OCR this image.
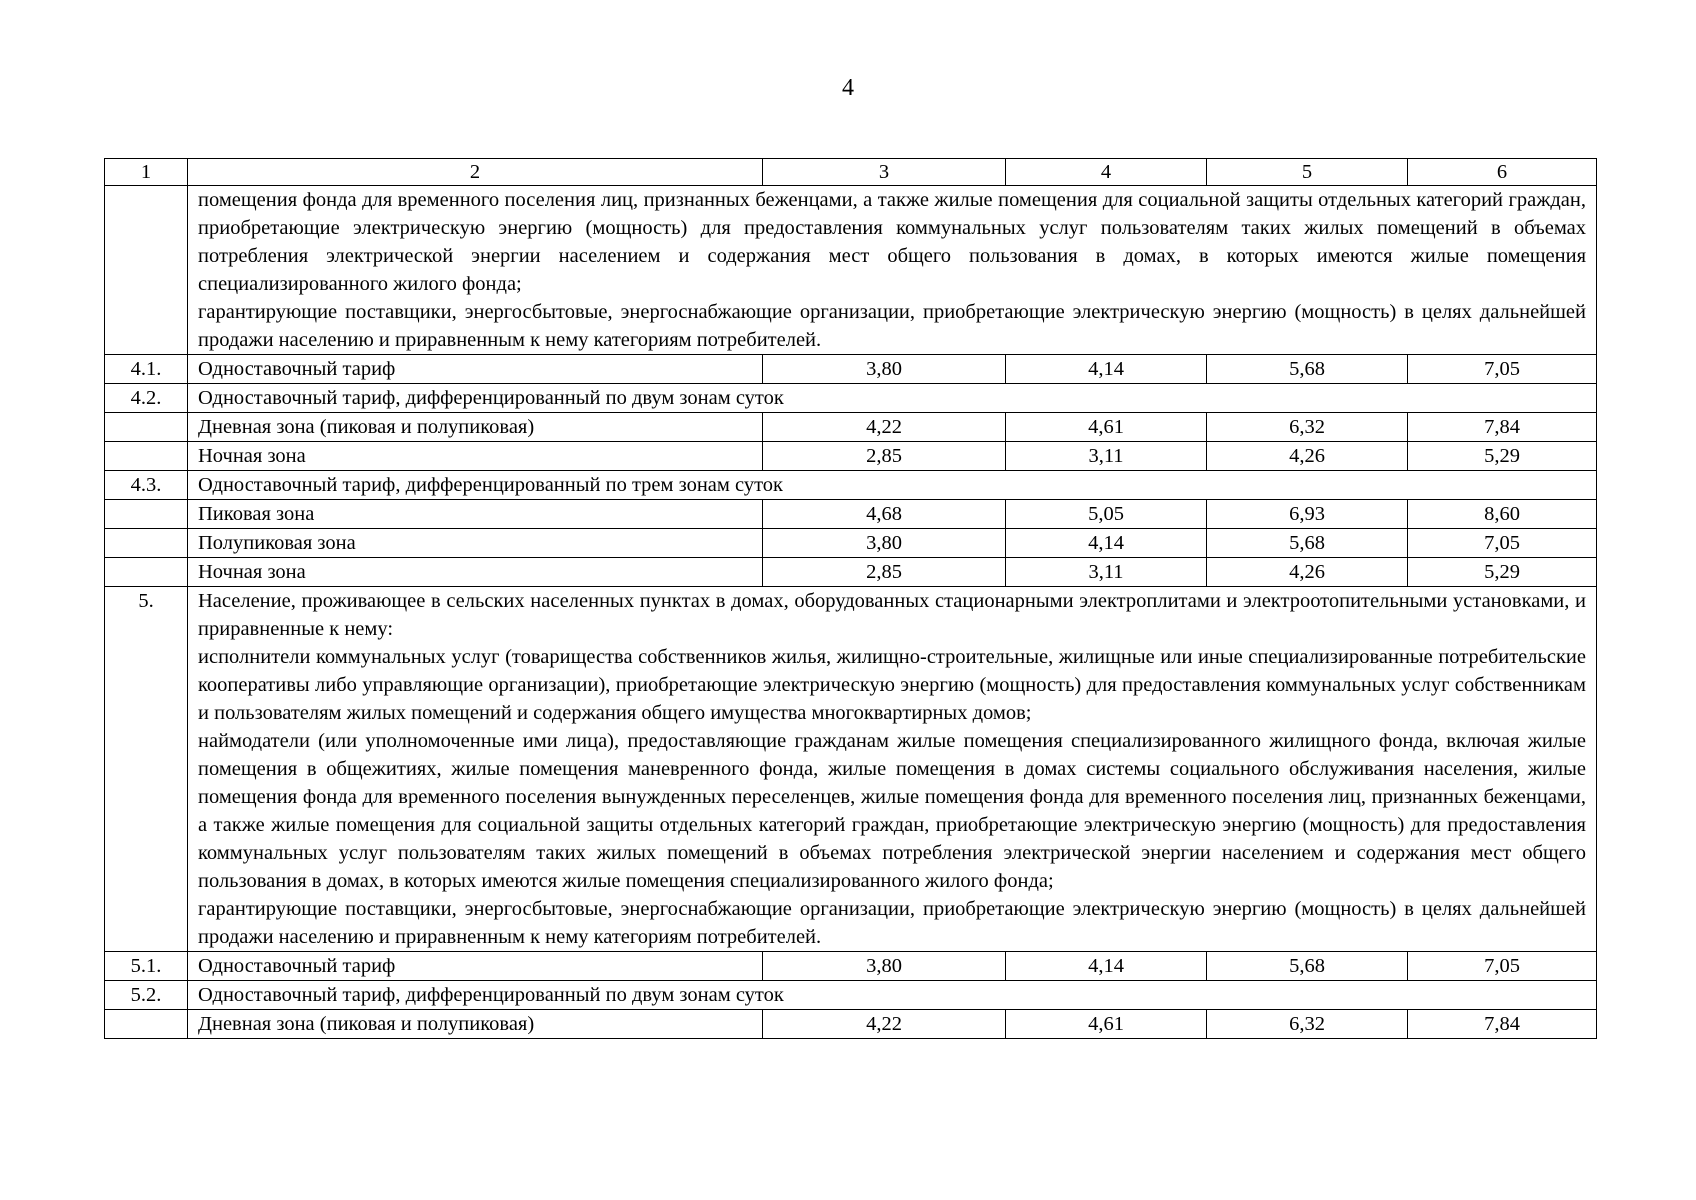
4
1	2	3	4	5	6

	помещения фонда для временного поселения лиц, признанных беженцами, а также жилые помещения для социальной защиты отдельных категорий граждан, приобретающие электрическую энергию (мощность) для предоставления коммунальных услуг пользователям таких жилых помещений в объемах потребления электрической энергии населением и содержания мест общего пользования в домах, в которых имеются жилые помещения специализированного жилого фонда;

гарантирующие поставщики, энергосбытовые, энергоснабжающие организации, приобретающие электрическую энергию (мощность) в целях дальнейшей продажи населению и приравненным к нему категориям потребителей.				

4.1.	Одноставочный тариф	3,80	4,14	5,68	7,05
4.2.	Одноставочный тариф, дифференцированный по двум зонам суток				
	Дневная зона (пиковая и полупиковая)	4,22	4,61	6,32	7,84
	Ночная зона	2,85	3,11	4,26	5,29
4.3.	Одноставочный тариф, дифференцированный по трем зонам суток				
	Пиковая зона	4,68	5,05	6,93	8,60
	Полупиковая зона	3,80	4,14	5,68	7,05
	Ночная зона	2,85	3,11	4,26	5,29
5.	Население, проживающее в сельских населенных пунктах в домах, оборудованных стационарными электроплитами и электроотопительными установками, и приравненные к нему:

исполнители коммунальных услуг (товарищества собственников жилья, жилищно-строительные, жилищные или иные специализированные потребительские кооперативы либо управляющие организации), приобретающие электрическую энергию (мощность) для предоставления коммунальных услуг собственникам и пользователям жилых помещений и содержания общего имущества многоквартирных домов;

наймодатели (или уполномоченные ими лица), предоставляющие гражданам жилые помещения специализированного жилищного фонда, включая жилые помещения в общежитиях, жилые помещения маневренного фонда, жилые помещения в домах системы социального обслуживания населения, жилые помещения фонда для временного поселения вынужденных переселенцев, жилые помещения фонда для временного поселения лиц, признанных беженцами, а также жилые помещения для социальной защиты отдельных категорий граждан, приобретающие электрическую энергию (мощность) для предоставления коммунальных услуг пользователям таких жилых помещений в объемах потребления электрической энергии населением и содержания мест общего пользования в домах, в которых имеются жилые помещения специализированного жилого фонда;

гарантирующие поставщики, энергосбытовые, энергоснабжающие организации, приобретающие электрическую энергию (мощность) в целях дальнейшей продажи населению и приравненным к нему категориям потребителей.				

5.1.	Одноставочный тариф	3,80	4,14	5,68	7,05
5.2.	Одноставочный тариф, дифференцированный по двум зонам суток				
	Дневная зона (пиковая и полупиковая)	4,22	4,61	6,32	7,84
